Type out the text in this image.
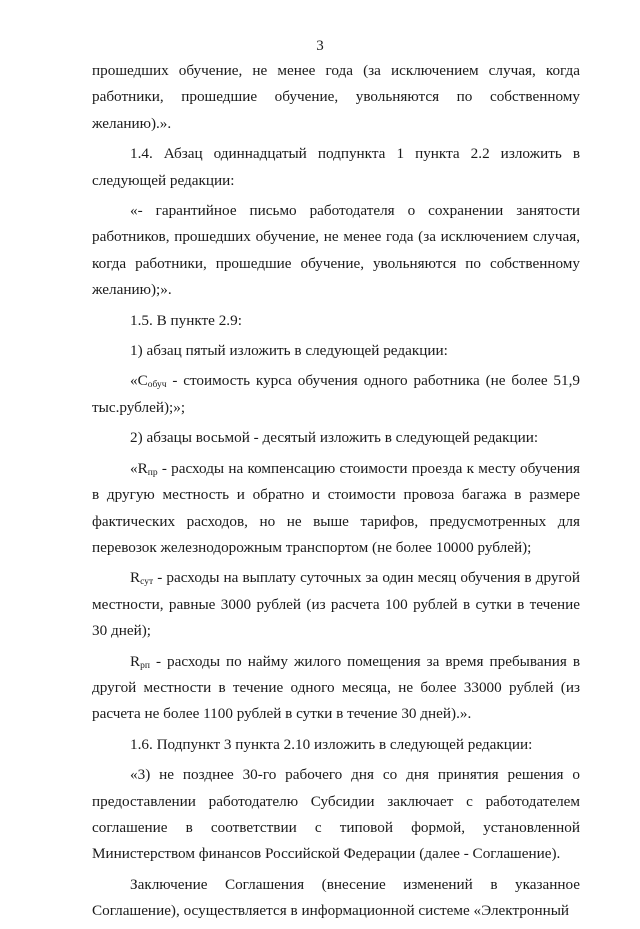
3

прошедших обучение, не менее года (за исключением случая, когда работники, прошедшие обучение, увольняются по собственному желанию).».

1.4. Абзац одиннадцатый подпункта 1 пункта 2.2 изложить в следующей редакции:

«- гарантийное письмо работодателя о сохранении занятости работников, прошедших обучение, не менее года (за исключением случая, когда работники, прошедшие обучение, увольняются по собственному желанию);».

1.5. В пункте 2.9:

1) абзац пятый изложить в следующей редакции:

«$С_{обуч}$ - стоимость курса обучения одного работника (не более 51,9 тыс.рублей);»;

2) абзацы восьмой - десятый изложить в следующей редакции:

«$R_{пр}$ - расходы на компенсацию стоимости проезда к месту обучения в другую местность и обратно и стоимости провоза багажа в размере фактических расходов, но не выше тарифов, предусмотренных для перевозок железнодорожным транспортом (не более 10000 рублей);

$R_{сут}$ - расходы на выплату суточных за один месяц обучения в другой местности, равные 3000 рублей (из расчета 100 рублей в сутки в течение 30 дней);

$R_{рп}$ - расходы по найму жилого помещения за время пребывания в другой местности в течение одного месяца, не более 33000 рублей (из расчета не более 1100 рублей в сутки в течение 30 дней).».

1.6. Подпункт 3 пункта 2.10 изложить в следующей редакции:

«3) не позднее 30-го рабочего дня со дня принятия решения о предоставлении работодателю Субсидии заключает с работодателем соглашение в соответствии с типовой формой, установленной Министерством финансов Российской Федерации (далее - Соглашение).

Заключение Соглашения (внесение изменений в указанное Соглашение), осуществляется в информационной системе «Электронный
